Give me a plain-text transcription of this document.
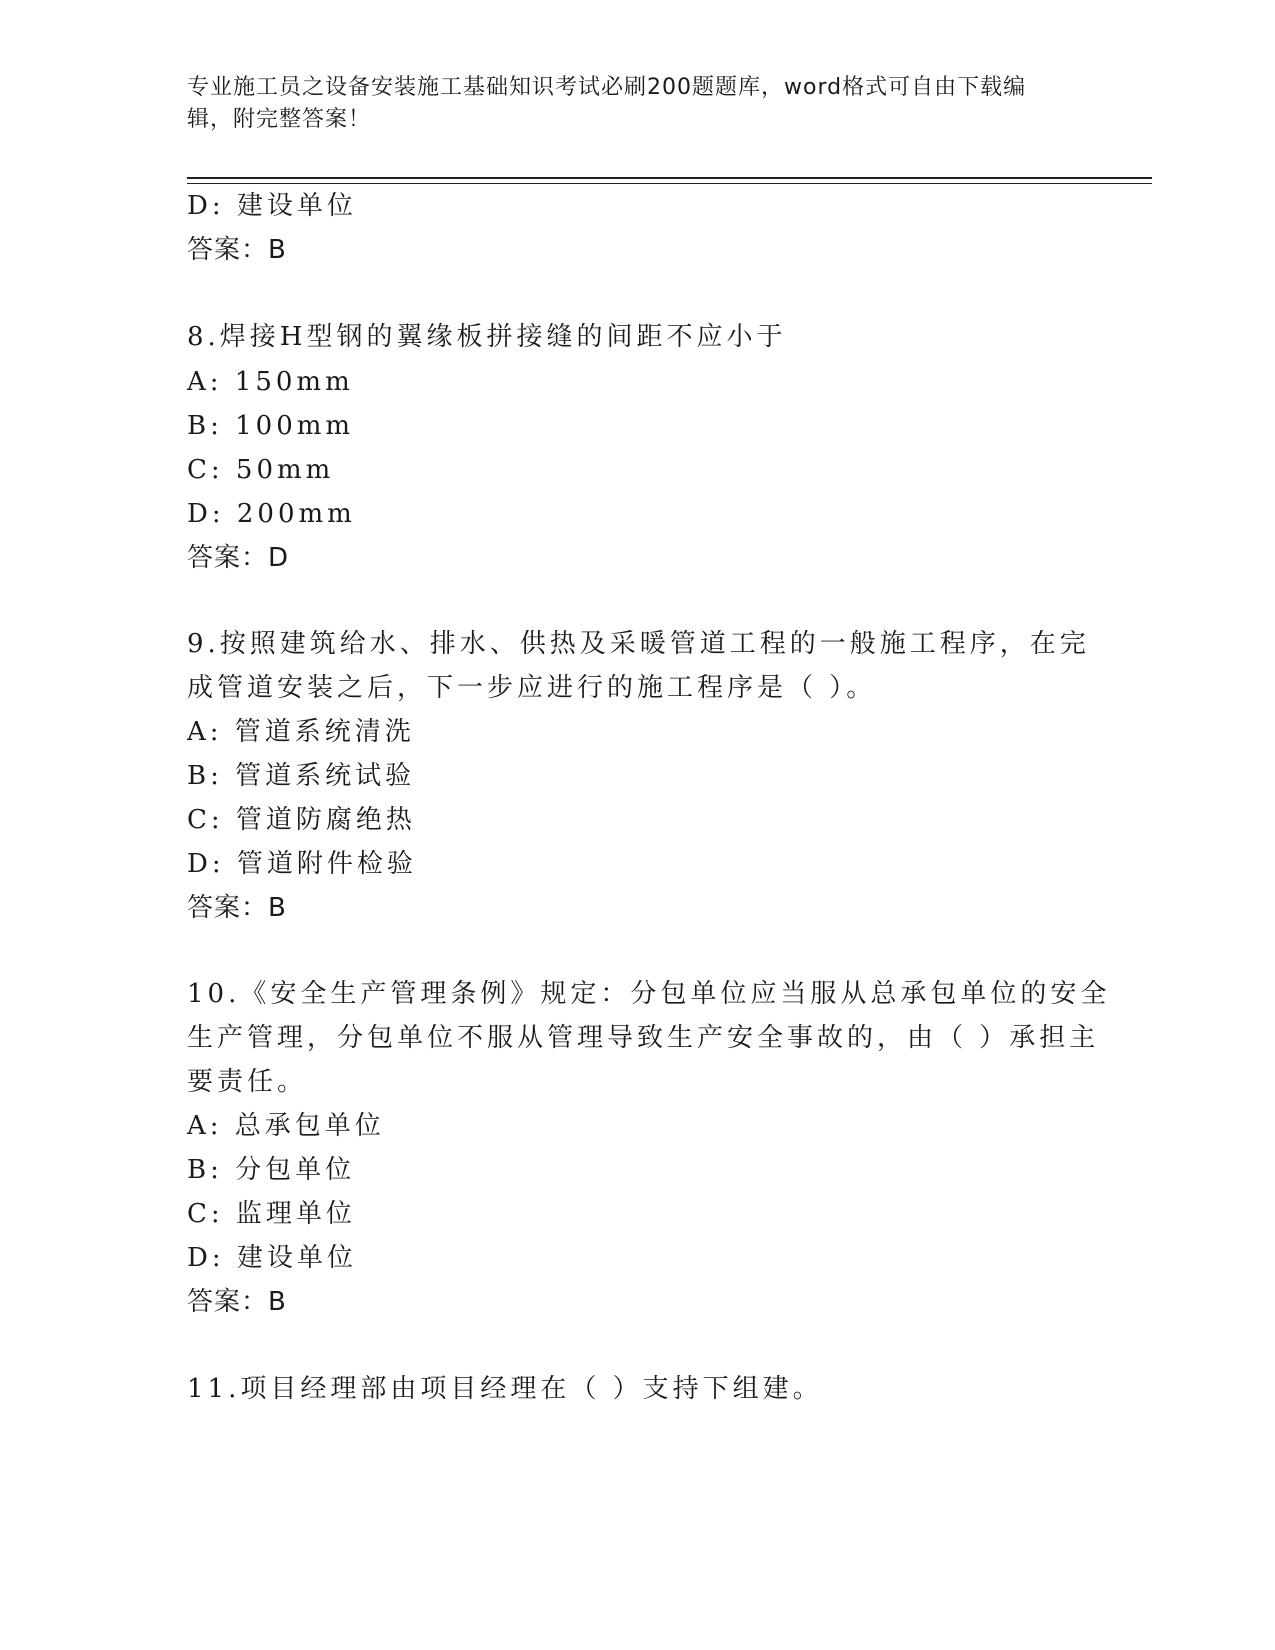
专业施工员之设备安装施工基础知识考试必刷200题题库，word格式可自由下载编辑，附完整答案！
D: 建设单位
答案：B
8.焊接H型钢的翼缘板拼接缝的间距不应小于
A: 150mm
B: 100mm
C: 50mm
D: 200mm
答案：D
9.按照建筑给水、排水、供热及采暖管道工程的一般施工程序，在完
成管道安装之后，下一步应进行的施工程序是（ ）。
A: 管道系统清洗
B: 管道系统试验
C: 管道防腐绝热
D: 管道附件检验
答案：B
10.《安全生产管理条例》规定：分包单位应当服从总承包单位的安全
生产管理，分包单位不服从管理导致生产安全事故的，由（ ）承担主
要责任。
A: 总承包单位
B: 分包单位
C: 监理单位
D: 建设单位
答案：B
11.项目经理部由项目经理在（ ）支持下组建。
